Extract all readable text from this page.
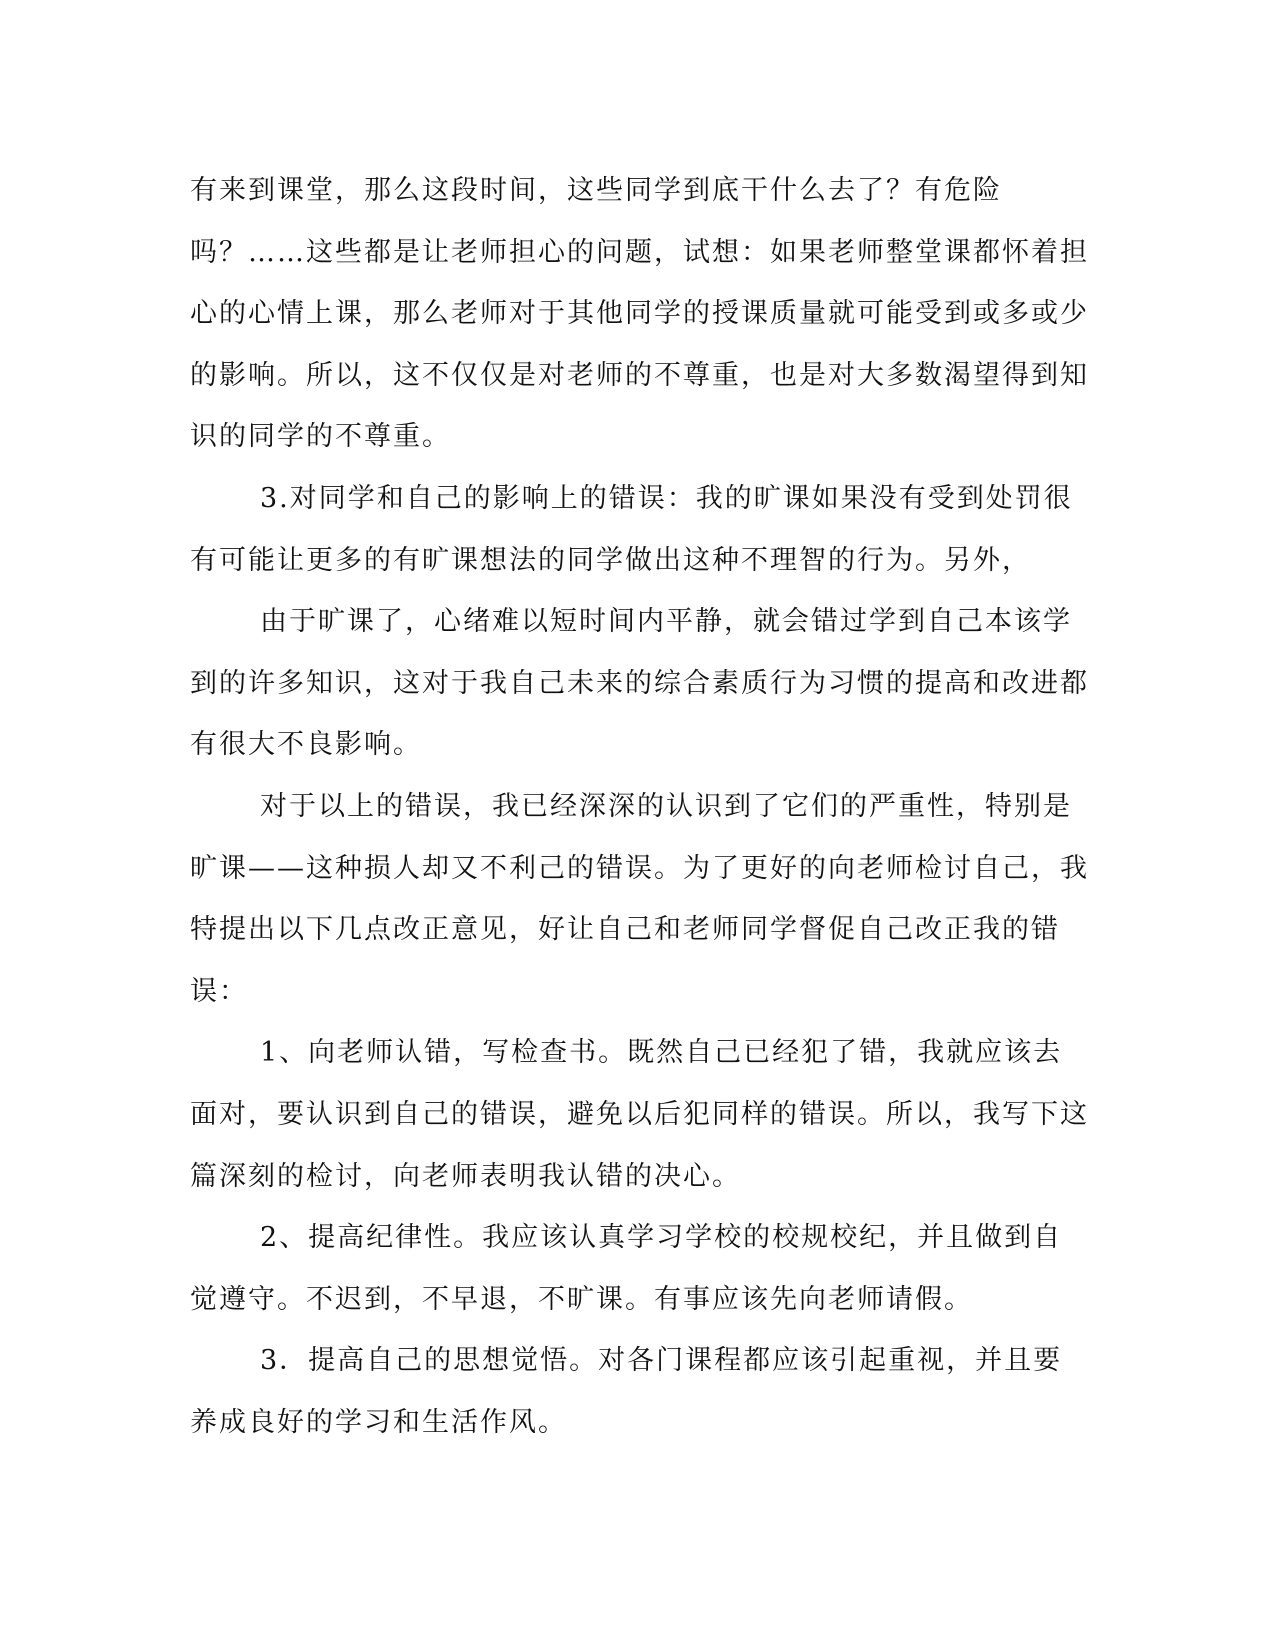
有来到课堂，那么这段时间，这些同学到底干什么去了？有危险吗？……这些都是让老师担心的问题，试想：如果老师整堂课都怀着担心的心情上课，那么老师对于其他同学的授课质量就可能受到或多或少的影响。所以，这不仅仅是对老师的不尊重，也是对大多数渴望得到知识的同学的不尊重。

3.对同学和自己的影响上的错误：我的旷课如果没有受到处罚很有可能让更多的有旷课想法的同学做出这种不理智的行为。另外，

由于旷课了，心绪难以短时间内平静，就会错过学到自己本该学到的许多知识，这对于我自己未来的综合素质行为习惯的提高和改进都有很大不良影响。

对于以上的错误，我已经深深的认识到了它们的严重性，特别是旷课——这种损人却又不利己的错误。为了更好的向老师检讨自己，我特提出以下几点改正意见，好让自己和老师同学督促自己改正我的错误：

1、向老师认错，写检查书。既然自己已经犯了错，我就应该去面对，要认识到自己的错误，避免以后犯同样的错误。所以，我写下这篇深刻的检讨，向老师表明我认错的决心。

2、提高纪律性。我应该认真学习学校的校规校纪，并且做到自觉遵守。不迟到，不早退，不旷课。有事应该先向老师请假。

3．提高自己的思想觉悟。对各门课程都应该引起重视，并且要养成良好的学习和生活作风。
